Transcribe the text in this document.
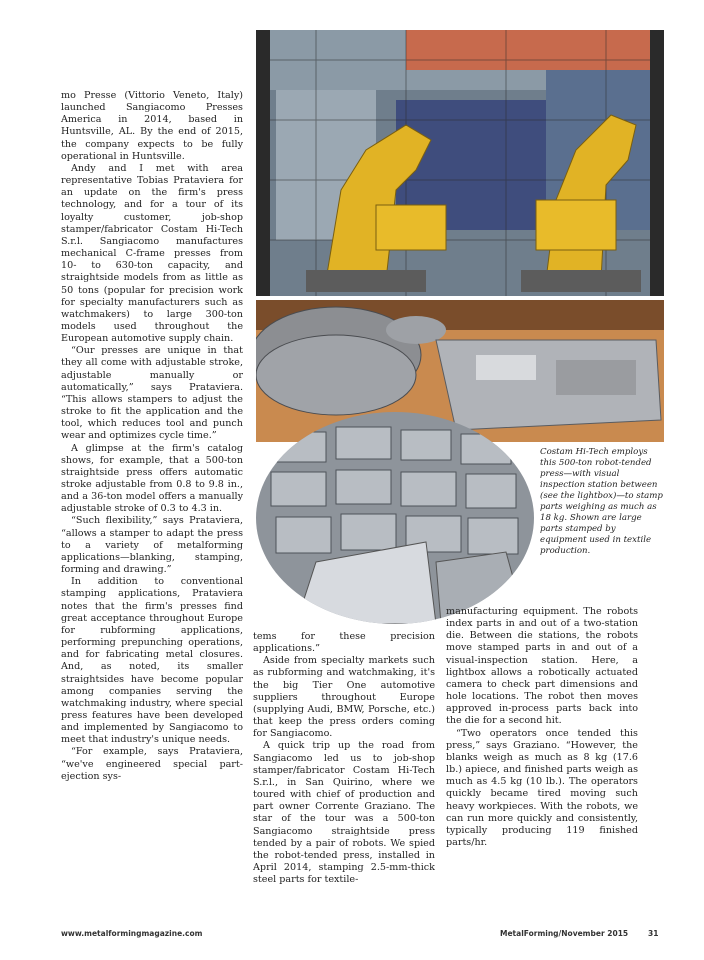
mo Presse (Vittorio Veneto, Italy) launched Sangiacomo Presses America in 2014, based in Huntsville, AL. By the end of 2015, the company expects to be fully operational in Huntsville.

Andy and I met with area representative Tobias Prataviera for an update on the firm's press technology, and for a tour of its loyalty customer, job-shop stamper/fabricator Costam Hi-Tech S.r.l. Sangiacomo manufactures mechanical C-frame presses from 10- to 630-ton capacity, and straightside models from as little as 50 tons (popular for precision work for specialty manufacturers such as watchmakers) to large 300-ton models used throughout the European automotive supply chain.

“Our presses are unique in that they all come with adjustable stroke, adjustable manually or automatically,” says Prataviera. “This allows stampers to adjust the stroke to fit the application and the tool, which reduces tool and punch wear and optimizes cycle time.”

A glimpse at the firm's catalog shows, for example, that a 500-ton straightside press offers automatic stroke adjustable from 0.8 to 9.8 in., and a 36-ton model offers a manually adjustable stroke of 0.3 to 4.3 in.

“Such flexibility,” says Prataviera, “allows a stamper to adapt the press to a variety of metalforming applications—blanking, stamping, forming and drawing.”

In addition to conventional stamping applications, Prataviera notes that the firm's presses find great acceptance throughout Europe for rubforming applications, performing prepunching operations, and for fabricating metal closures. And, as noted, its smaller straightsides have become popular among companies serving the watchmaking industry, where special press features have been developed and implemented by Sangiacomo to meet that industry's unique needs.

“For example, says Prataviera, “we've engineered special part-ejection sys-

Costam Hi-Tech employs this 500-ton robot-tended press—with visual inspection station between (see the lightbox)—to stamp parts weighing as much as 18 kg. Shown are large parts stamped by equipment used in textile production.

tems for these precision applications.”

Aside from specialty markets such as rubforming and watchmaking, it's the big Tier One automotive suppliers throughout Europe (supplying Audi, BMW, Porsche, etc.) that keep the press orders coming for Sangiacomo.

A quick trip up the road from Sangiacomo led us to job-shop stamper/fabricator Costam Hi-Tech S.r.l., in San Quirino, where we toured with chief of production and part owner Corrente Graziano. The star of the tour was a 500-ton Sangiacomo straightside press tended by a pair of robots. We spied the robot-tended press, installed in April 2014, stamping 2.5-mm-thick steel parts for textile-

manufacturing equipment. The robots index parts in and out of a two-station die. Between die stations, the robots move stamped parts in and out of a visual-inspection station. Here, a lightbox allows a robotically actuated camera to check part dimensions and hole locations. The robot then moves approved in-process parts back into the die for a second hit.

“Two operators once tended this press,” says Graziano. “However, the blanks weigh as much as 8 kg (17.6 lb.) apiece, and finished parts weigh as much as 4.5 kg (10 lb.). The operators quickly became tired moving such heavy workpieces. With the robots, we can run more quickly and consistently, typically producing 119 finished parts/hr.

www.metalformingmagazine.com	MetalForming/November 2015	31
